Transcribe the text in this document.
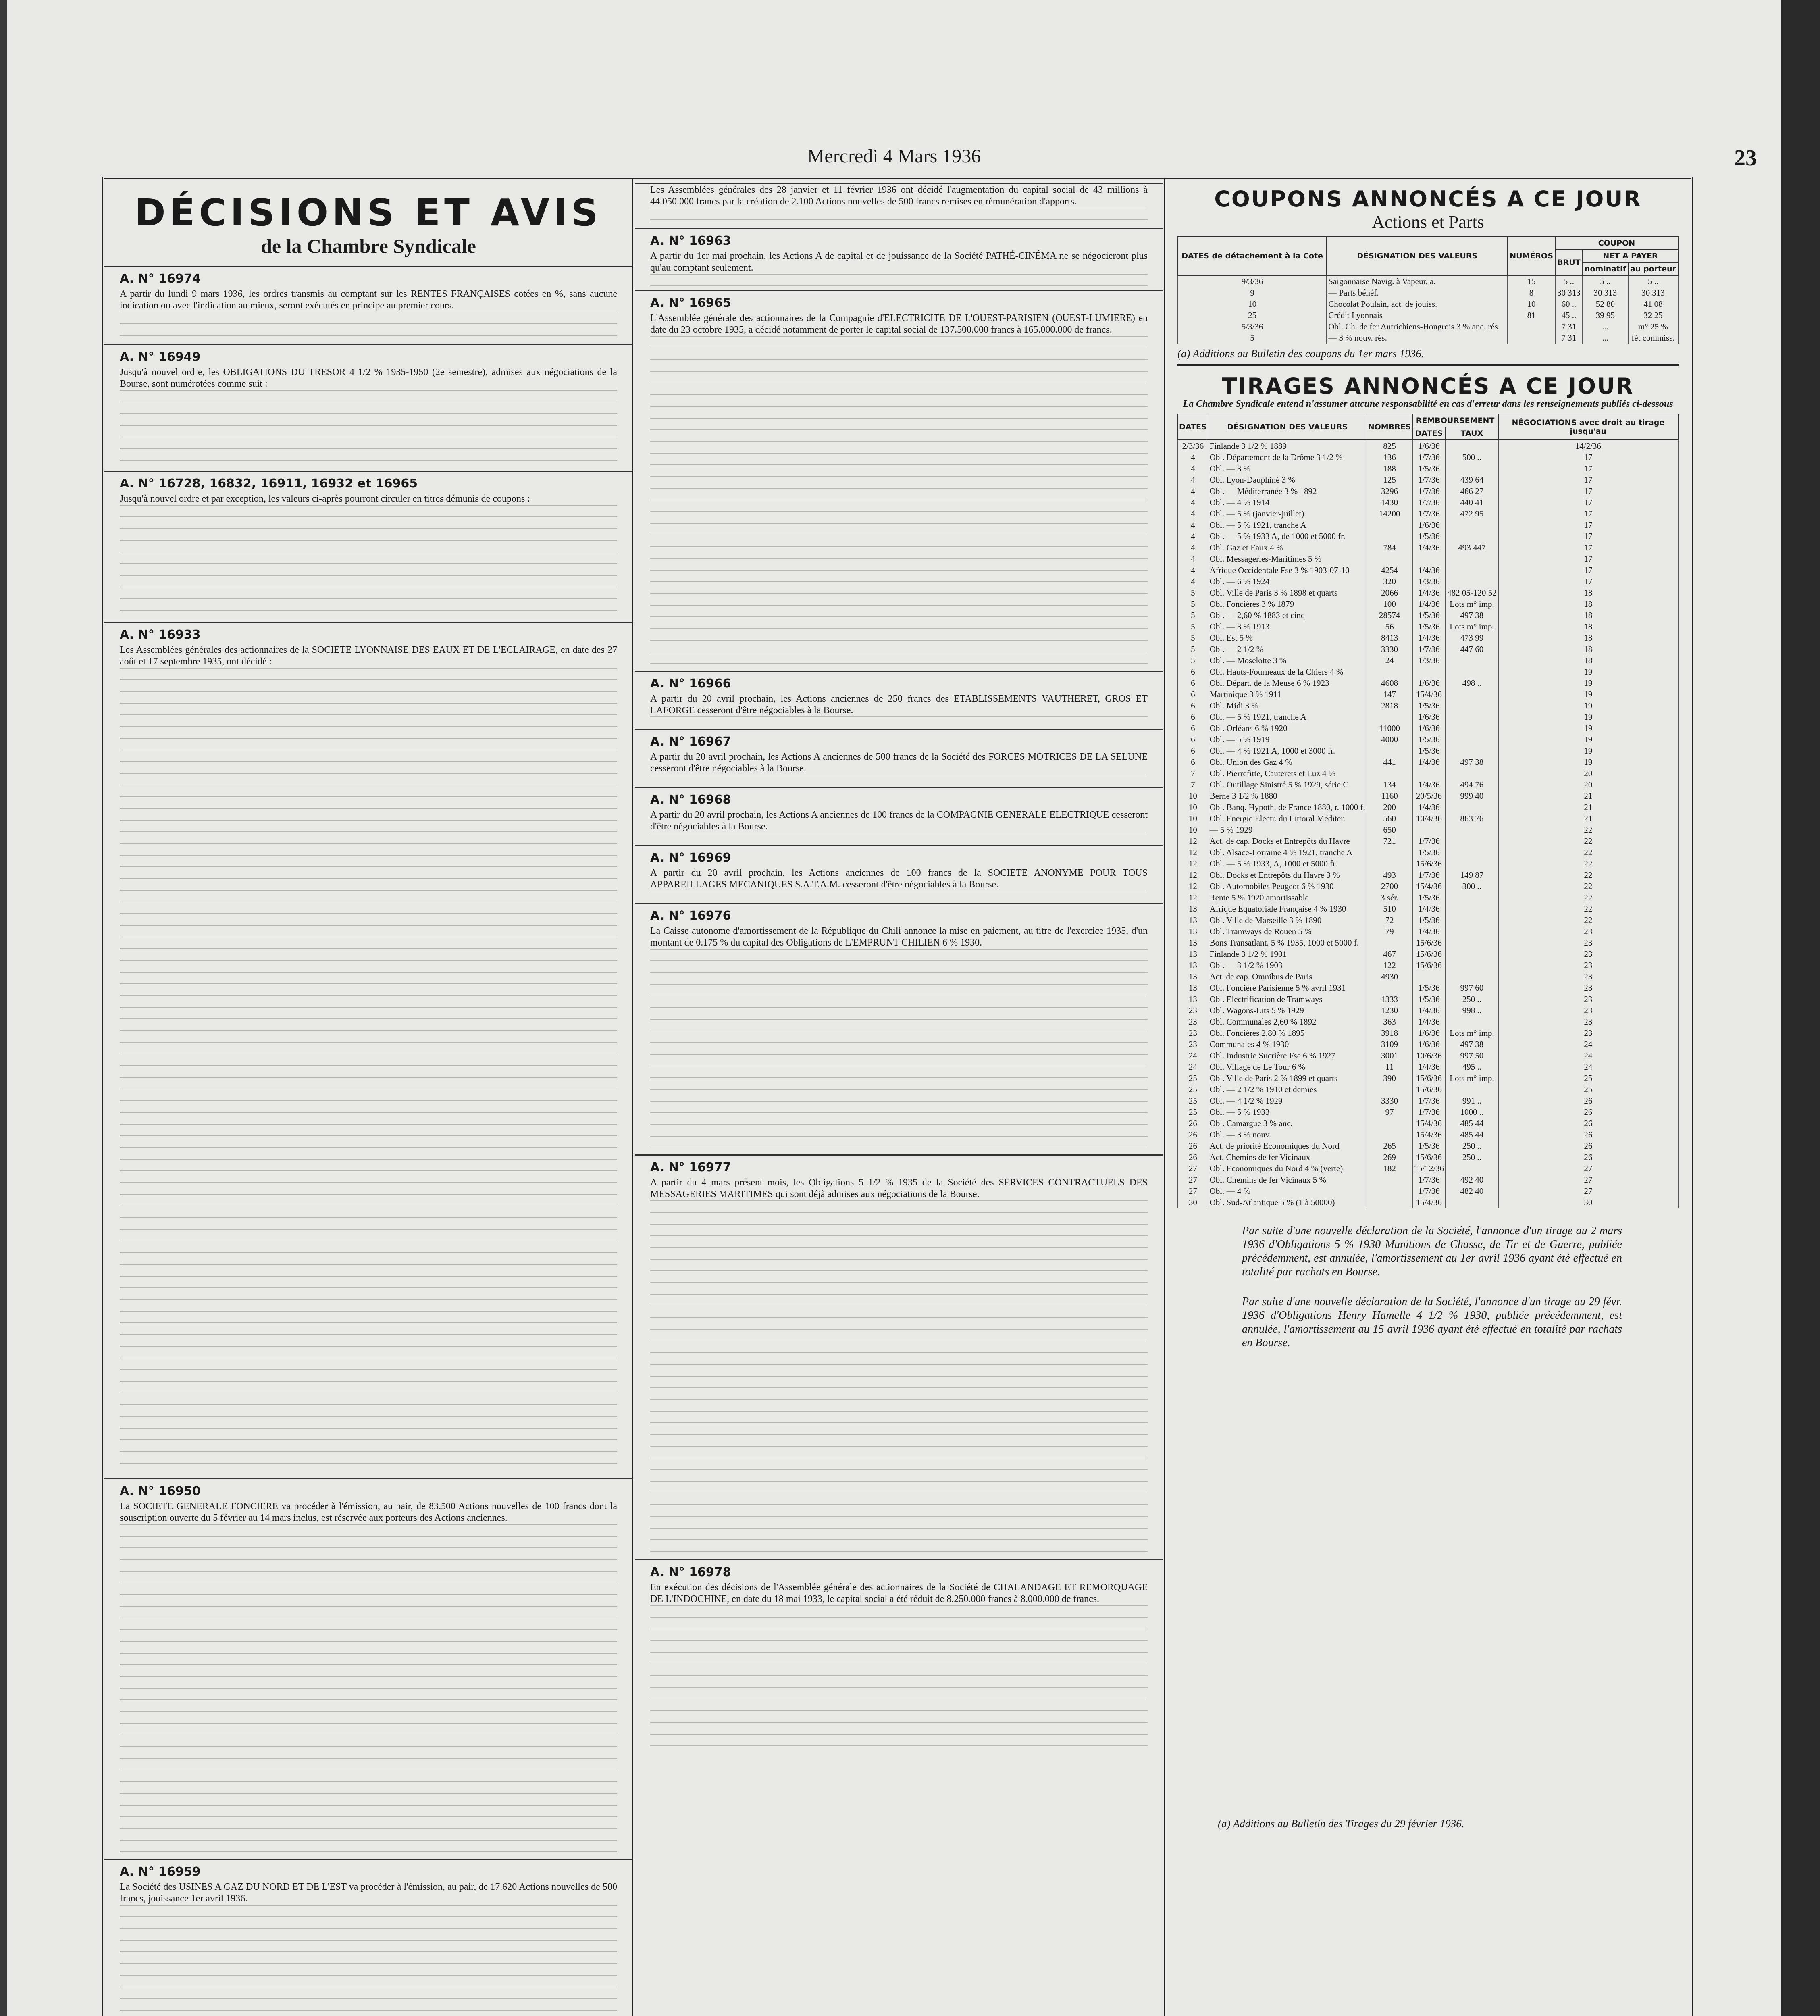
Mercredi 4 Mars 1936	23
DÉCISIONS ET AVIS
de la Chambre Syndicale
A. N° 16974

A partir du lundi 9 mars 1936, les ordres transmis au comptant sur les RENTES FRANÇAISES cotées en %, sans aucune indication ou avec l'indication au mieux, seront exécutés en principe au premier cours.

A. N° 16949

Jusqu'à nouvel ordre, les OBLIGATIONS DU TRESOR 4 1/2 % 1935-1950 (2e semestre), admises aux négociations de la Bourse, sont numérotées comme suit :

A. N° 16728, 16832, 16911, 16932 et 16965

Jusqu'à nouvel ordre et par exception, les valeurs ci-après pourront circuler en titres démunis de coupons :

A. N° 16933

Les Assemblées générales des actionnaires de la SOCIETE LYONNAISE DES EAUX ET DE L'ECLAIRAGE, en date des 27 août et 17 septembre 1935, ont décidé :

A. N° 16950

La SOCIETE GENERALE FONCIERE va procéder à l'émission, au pair, de 83.500 Actions nouvelles de 100 francs dont la souscription ouverte du 5 février au 14 mars inclus, est réservée aux porteurs des Actions anciennes.

A. N° 16959

La Société des USINES A GAZ DU NORD ET DE L'EST va procéder à l'émission, au pair, de 17.620 Actions nouvelles de 500 francs, jouissance 1er avril 1936.

Les Assemblées générales des 28 janvier et 11 février 1936 ont décidé l'augmentation du capital social de 43 millions à 44.050.000 francs par la création de 2.100 Actions nouvelles de 500 francs remises en rémunération d'apports.

A. N° 16963

A partir du 1er mai prochain, les Actions A de capital et de jouissance de la Société PATHÉ-CINÉMA ne se négocieront plus qu'au comptant seulement.

A. N° 16965

L'Assemblée générale des actionnaires de la Compagnie d'ELECTRICITE DE L'OUEST-PARISIEN (OUEST-LUMIERE) en date du 23 octobre 1935, a décidé notamment de porter le capital social de 137.500.000 francs à 165.000.000 de francs.

A. N° 16966

A partir du 20 avril prochain, les Actions anciennes de 250 francs des ETABLISSEMENTS VAUTHERET, GROS ET LAFORGE cesseront d'être négociables à la Bourse.

A. N° 16967

A partir du 20 avril prochain, les Actions A anciennes de 500 francs de la Société des FORCES MOTRICES DE LA SELUNE cesseront d'être négociables à la Bourse.

A. N° 16968

A partir du 20 avril prochain, les Actions A anciennes de 100 francs de la COMPAGNIE GENERALE ELECTRIQUE cesseront d'être négociables à la Bourse.

A. N° 16969

A partir du 20 avril prochain, les Actions anciennes de 100 francs de la SOCIETE ANONYME POUR TOUS APPAREILLAGES MECANIQUES S.A.T.A.M. cesseront d'être négociables à la Bourse.

A. N° 16976

La Caisse autonome d'amortissement de la République du Chili annonce la mise en paiement, au titre de l'exercice 1935, d'un montant de 0.175 % du capital des Obligations de L'EMPRUNT CHILIEN 6 % 1930.

A. N° 16977

A partir du 4 mars présent mois, les Obligations 5 1/2 % 1935 de la Société des SERVICES CONTRACTUELS DES MESSAGERIES MARITIMES qui sont déjà admises aux négociations de la Bourse.

A. N° 16978

En exécution des décisions de l'Assemblée générale des actionnaires de la Société de CHALANDAGE ET REMORQUAGE DE L'INDOCHINE, en date du 18 mai 1933, le capital social a été réduit de 8.250.000 francs à 8.000.000 de francs.

COUPONS ANNONCÉS A CE JOUR
Actions et Parts
DATES de détachement à la Cote	DÉSIGNATION DES VALEURS	NUMÉROS	COUPON		
			BRUT	NET A PAYER	
				nominatif	au porteur
9/3/36	Saigonnaise Navig. à Vapeur, a.	15	5 ..	5 ..	5 ..
9	— Parts bénéf.	8	30 313	30 313	30 313
10	Chocolat Poulain, act. de jouiss.	10	60 ..	52 80	41 08
25	Crédit Lyonnais	81	45 ..	39 95	32 25
5/3/36	Obl. Ch. de fer Autrichiens-Hongrois 3 % anc. rés.		7 31	...	m° 25 %
5	— 3 % nouv. rés.		7 31	...	fét commiss.
(a) Additions au Bulletin des coupons du 1er mars 1936.
TIRAGES ANNONCÉS A CE JOUR
La Chambre Syndicale entend n'assumer aucune responsabilité en cas d'erreur dans les renseignements publiés ci-dessous
DATES	DÉSIGNATION DES VALEURS	NOMBRES	REMBOURSEMENT		NÉGOCIATIONS avec droit au tirage jusqu'au
			DATES	TAUX	
2/3/36	Finlande 3 1/2 % 1889	825	1/6/36		14/2/36
4	Obl. Département de la Drôme 3 1/2 %	136	1/7/36	500 ..	17
4	Obl. — 3 %	188	1/5/36		17
4	Obl. Lyon-Dauphiné 3 %	125	1/7/36	439 64	17
4	Obl. — Méditerranée 3 % 1892	3296	1/7/36	466 27	17
4	Obl. — 4 % 1914	1430	1/7/36	440 41	17
4	Obl. — 5 % (janvier-juillet)	14200	1/7/36	472 95	17
4	Obl. — 5 % 1921, tranche A		1/6/36		17
4	Obl. — 5 % 1933 A, de 1000 et 5000 fr.		1/5/36		17
4	Obl. Gaz et Eaux 4 %	784	1/4/36	493 447	17
4	Obl. Messageries-Maritimes 5 %				17
4	Afrique Occidentale Fse 3 % 1903-07-10	4254	1/4/36		17
4	Obl. — 6 % 1924	320	1/3/36		17
5	Obl. Ville de Paris 3 % 1898 et quarts	2066	1/4/36	482 05-120 52	18
5	Obl. Foncières 3 % 1879	100	1/4/36	Lots m° imp.	18
5	Obl. — 2,60 % 1883 et cinq	28574	1/5/36	497 38	18
5	Obl. — 3 % 1913	56	1/5/36	Lots m° imp.	18
5	Obl. Est 5 %	8413	1/4/36	473 99	18
5	Obl. — 2 1/2 %	3330	1/7/36	447 60	18
5	Obl. — Moselotte 3 %	24	1/3/36		18
6	Obl. Hauts-Fourneaux de la Chiers 4 %				19
6	Obl. Départ. de la Meuse 6 % 1923	4608	1/6/36	498 ..	19
6	Martinique 3 % 1911	147	15/4/36		19
6	Obl. Midi 3 %	2818	1/5/36		19
6	Obl. — 5 % 1921, tranche A		1/6/36		19
6	Obl. Orléans 6 % 1920	11000	1/6/36		19
6	Obl. — 5 % 1919	4000	1/5/36		19
6	Obl. — 4 % 1921 A, 1000 et 3000 fr.		1/5/36		19
6	Obl. Union des Gaz 4 %	441	1/4/36	497 38	19
7	Obl. Pierrefitte, Cauterets et Luz 4 %				20
7	Obl. Outillage Sinistré 5 % 1929, série C	134	1/4/36	494 76	20
10	Berne 3 1/2 % 1880	1160	20/5/36	999 40	21
10	Obl. Banq. Hypoth. de France 1880, r. 1000 f.	200	1/4/36		21
10	Obl. Energie Electr. du Littoral Méditer.	560	10/4/36	863 76	21
10	— 5 % 1929	650			22
12	Act. de cap. Docks et Entrepôts du Havre	721	1/7/36		22
12	Obl. Alsace-Lorraine 4 % 1921, tranche A		1/5/36		22
12	Obl. — 5 % 1933, A, 1000 et 5000 fr.		15/6/36		22
12	Obl. Docks et Entrepôts du Havre 3 %	493	1/7/36	149 87	22
12	Obl. Automobiles Peugeot 6 % 1930	2700	15/4/36	300 ..	22
12	Rente 5 % 1920 amortissable	3 sér.	1/5/36		22
13	Afrique Equatoriale Française 4 % 1930	510	1/4/36		22
13	Obl. Ville de Marseille 3 % 1890	72	1/5/36		22
13	Obl. Tramways de Rouen 5 %	79	1/4/36		23
13	Bons Transatlant. 5 % 1935, 1000 et 5000 f.		15/6/36		23
13	Finlande 3 1/2 % 1901	467	15/6/36		23
13	Obl. — 3 1/2 % 1903	122	15/6/36		23
13	Act. de cap. Omnibus de Paris	4930			23
13	Obl. Foncière Parisienne 5 % avril 1931		1/5/36	997 60	23
13	Obl. Electrification de Tramways	1333	1/5/36	250 ..	23
23	Obl. Wagons-Lits 5 % 1929	1230	1/4/36	998 ..	23
23	Obl. Communales 2,60 % 1892	363	1/4/36		23
23	Obl. Foncières 2,80 % 1895	3918	1/6/36	Lots m° imp.	23
23	Communales 4 % 1930	3109	1/6/36	497 38	24
24	Obl. Industrie Sucrière Fse 6 % 1927	3001	10/6/36	997 50	24
24	Obl. Village de Le Tour 6 %	11	1/4/36	495 ..	24
25	Obl. Ville de Paris 2 % 1899 et quarts	390	15/6/36	Lots m° imp.	25
25	Obl. — 2 1/2 % 1910 et demies		15/6/36		25
25	Obl. — 4 1/2 % 1929	3330	1/7/36	991 ..	26
25	Obl. — 5 % 1933	97	1/7/36	1000 ..	26
26	Obl. Camargue 3 % anc.		15/4/36	485 44	26
26	Obl. — 3 % nouv.		15/4/36	485 44	26
26	Act. de priorité Economiques du Nord	265	1/5/36	250 ..	26
26	Act. Chemins de fer Vicinaux	269	15/6/36	250 ..	26
27	Obl. Economiques du Nord 4 % (verte)	182	15/12/36		27
27	Obl. Chemins de fer Vicinaux 5 %		1/7/36	492 40	27
27	Obl. — 4 %		1/7/36	482 40	27
30	Obl. Sud-Atlantique 5 % (1 à 50000)		15/4/36		30
Par suite d'une nouvelle déclaration de la Société, l'annonce d'un tirage au 2 mars 1936 d'Obligations 5 % 1930 Munitions de Chasse, de Tir et de Guerre, publiée précédemment, est annulée, l'amortissement au 1er avril 1936 ayant été effectué en totalité par rachats en Bourse.
Par suite d'une nouvelle déclaration de la Société, l'annonce d'un tirage au 29 févr. 1936 d'Obligations Henry Hamelle 4 1/2 % 1930, publiée précédemment, est annulée, l'amortissement au 15 avril 1936 ayant été effectué en totalité par rachats en Bourse.
(a) Additions au Bulletin des Tirages du 29 février 1936.
